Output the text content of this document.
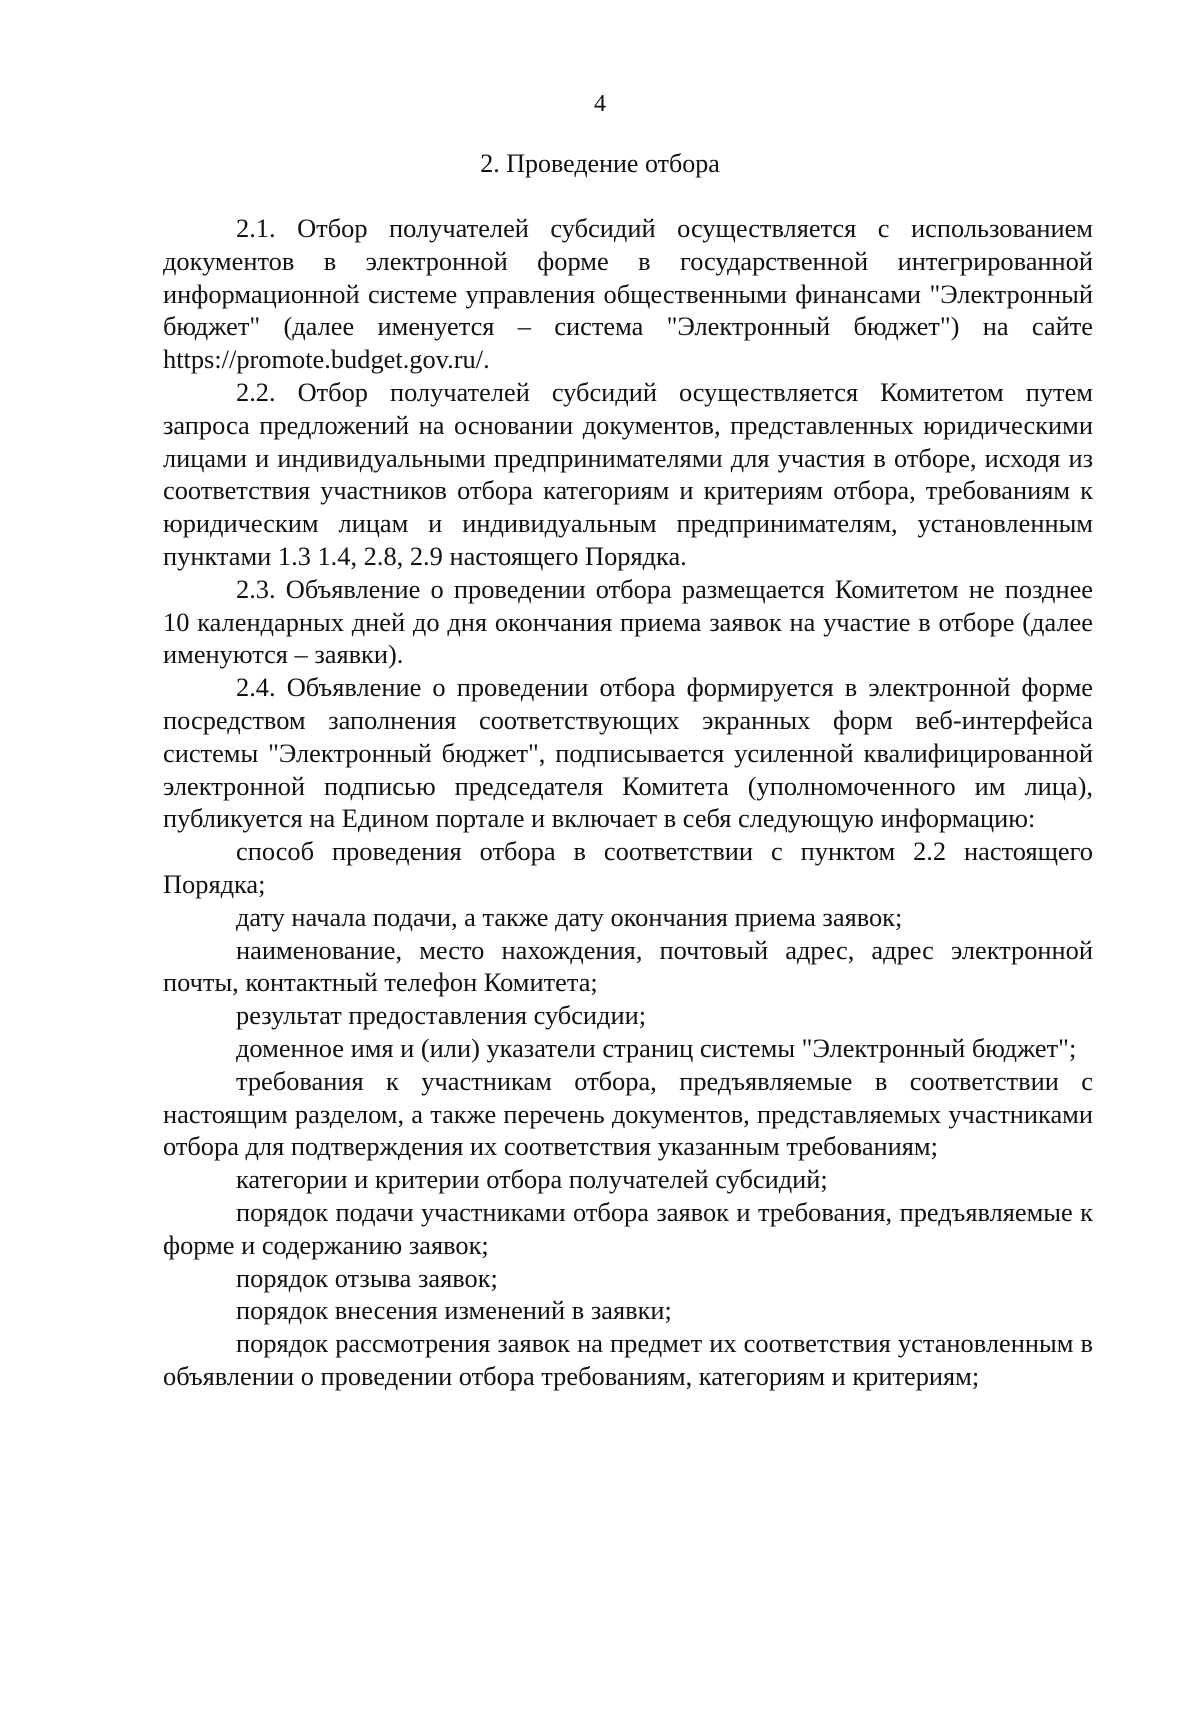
4
2. Проведение отбора

2.1. Отбор получателей субсидий осуществляется с использованием документов в электронной форме в государственной интегрированной информационной системе управления общественными финансами "Электронный бюджет" (далее именуется – система "Электронный бюджет") на сайте https://promote.budget.gov.ru/.

2.2. Отбор получателей субсидий осуществляется Комитетом путем запроса предложений на основании документов, представленных юридическими лицами и индивидуальными предпринимателями для участия в отборе, исходя из соответствия участников отбора категориям и критериям отбора, требованиям к юридическим лицам и индивидуальным предпринимателям, установленным пунктами 1.3 1.4, 2.8, 2.9 настоящего Порядка.

2.3. Объявление о проведении отбора размещается Комитетом не позднее 10 календарных дней до дня окончания приема заявок на участие в отборе (далее именуются – заявки).

2.4. Объявление о проведении отбора формируется в электронной форме посредством заполнения соответствующих экранных форм веб-интерфейса системы "Электронный бюджет", подписывается усиленной квалифицированной электронной подписью председателя Комитета (уполномоченного им лица), публикуется на Едином портале и включает в себя следующую информацию:

способ проведения отбора в соответствии с пунктом 2.2 настоящего Порядка;

дату начала подачи, а также дату окончания приема заявок;

наименование, место нахождения, почтовый адрес, адрес электронной почты, контактный телефон Комитета;

результат предоставления субсидии;

доменное имя и (или) указатели страниц системы "Электронный бюджет";

требования к участникам отбора, предъявляемые в соответствии с настоящим разделом, а также перечень документов, представляемых участниками отбора для подтверждения их соответствия указанным требованиям;

категории и критерии отбора получателей субсидий;

порядок подачи участниками отбора заявок и требования, предъявляемые к форме и содержанию заявок;

порядок отзыва заявок;

порядок внесения изменений в заявки;

порядок рассмотрения заявок на предмет их соответствия установленным в объявлении о проведении отбора требованиям, категориям и критериям;
